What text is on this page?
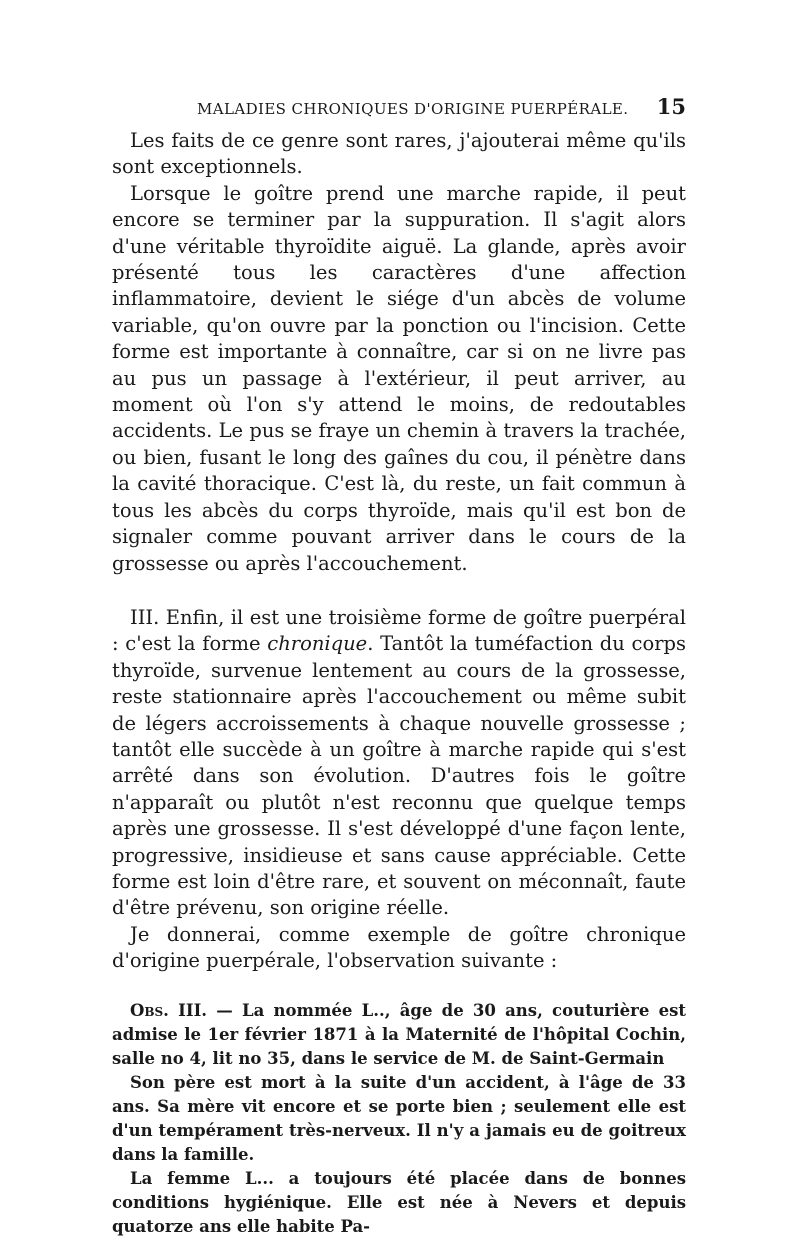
MALADIES CHRONIQUES D'ORIGINE PUERPÉRALE. 15

Les faits de ce genre sont rares, j'ajouterai même qu'ils sont exceptionnels.

Lorsque le goître prend une marche rapide, il peut encore se terminer par la suppuration. Il s'agit alors d'une véritable thyroïdite aiguë. La glande, après avoir présenté tous les caractères d'une affection inflammatoire, devient le siége d'un abcès de volume variable, qu'on ouvre par la ponction ou l'incision. Cette forme est importante à connaître, car si on ne livre pas au pus un passage à l'extérieur, il peut arriver, au moment où l'on s'y attend le moins, de redoutables accidents. Le pus se fraye un chemin à travers la trachée, ou bien, fusant le long des gaînes du cou, il pénètre dans la cavité thoracique. C'est là, du reste, un fait commun à tous les abcès du corps thyroïde, mais qu'il est bon de signaler comme pouvant arriver dans le cours de la grossesse ou après l'accouchement.

III. Enfin, il est une troisième forme de goître puerpéral : c'est la forme chronique. Tantôt la tuméfaction du corps thyroïde, survenue lentement au cours de la grossesse, reste stationnaire après l'accouchement ou même subit de légers accroissements à chaque nouvelle grossesse ; tantôt elle succède à un goître à marche rapide qui s'est arrêté dans son évolution. D'autres fois le goître n'apparaît ou plutôt n'est reconnu que quelque temps après une grossesse. Il s'est développé d'une façon lente, progressive, insidieuse et sans cause appréciable. Cette forme est loin d'être rare, et souvent on méconnaît, faute d'être prévenu, son origine réelle.

Je donnerai, comme exemple de goître chronique d'origine puerpérale, l'observation suivante :

Obs. III. — La nommée L.., âge de 30 ans, couturière est admise le 1er février 1871 à la Maternité de l'hôpital Cochin, salle no 4, lit no 35, dans le service de M. de Saint-Germain

Son père est mort à la suite d'un accident, à l'âge de 33 ans. Sa mère vit encore et se porte bien ; seulement elle est d'un tempérament très-nerveux. Il n'y a jamais eu de goitreux dans la famille.

La femme L... a toujours été placée dans de bonnes conditions hygiénique. Elle est née à Nevers et depuis quatorze ans elle habite Pa-
